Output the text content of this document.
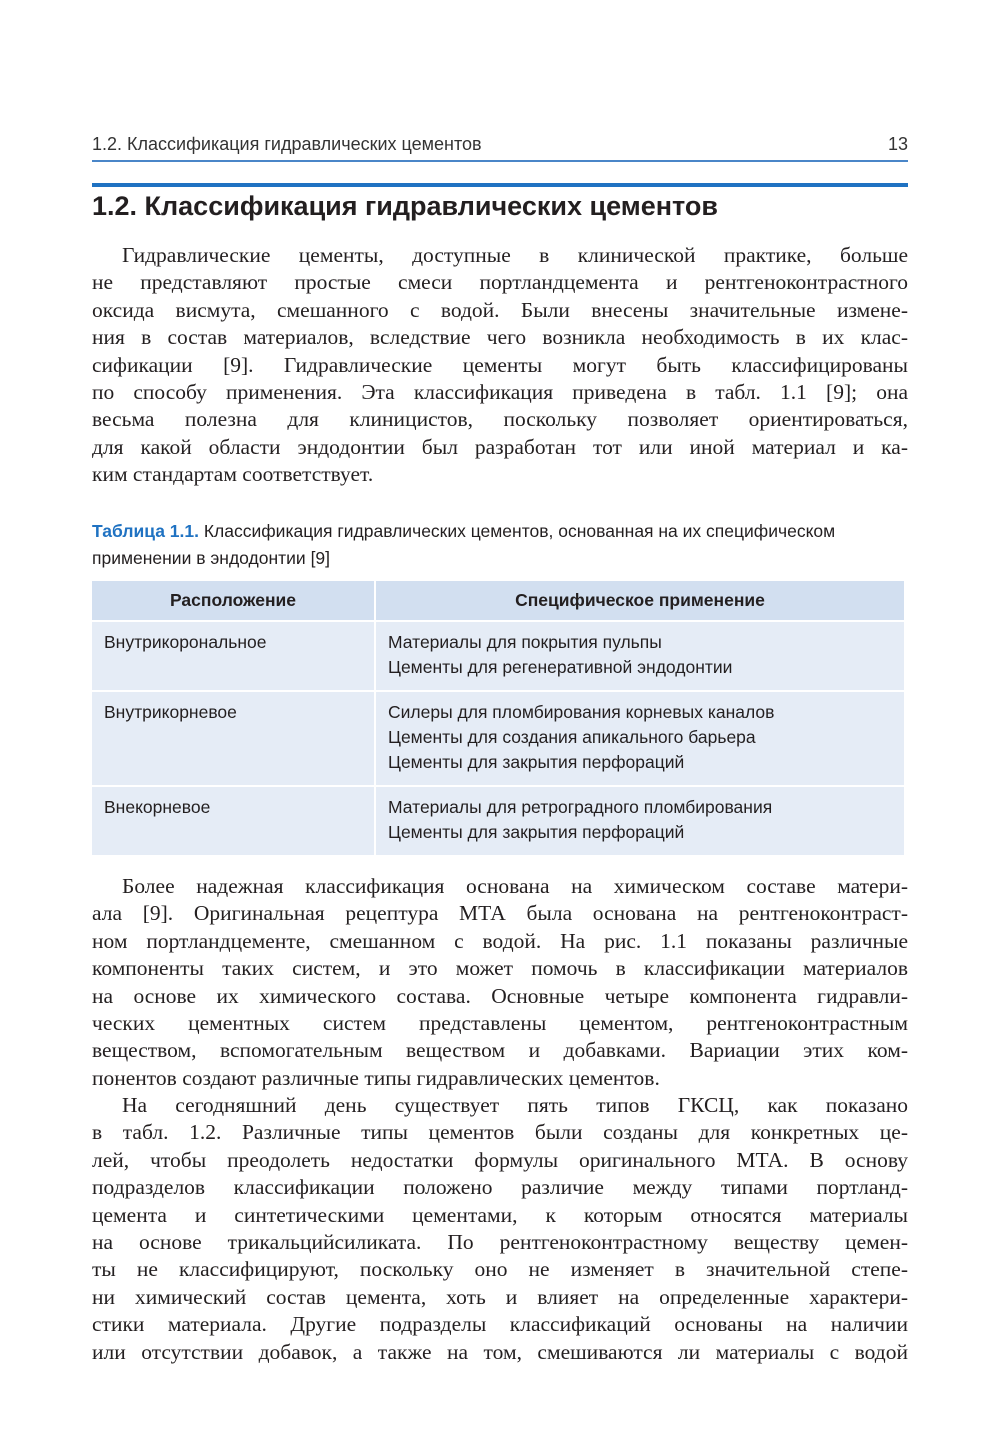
1.2. Классификация гидравлических цементов	13
1.2. Классификация гидравлических цементов
Гидравлические цементы, доступные в клинической практике, больше
не представляют простые смеси портландцемента и рентгеноконтрастного
оксида висмута, смешанного с водой. Были внесены значительные измене-
ния в состав материалов, вследствие чего возникла необходимость в их клас-
сификации [9]. Гидравлические цементы могут быть классифицированы
по способу применения. Эта классификация приведена в табл. 1.1 [9]; она
весьма полезна для клиницистов, поскольку позволяет ориентироваться,
для какой области эндодонтии был разработан тот или иной материал и ка-
ким стандартам соответствует.
Таблица 1.1. Классификация гидравлических цементов, основанная на их специфическом применении в эндодонтии [9]
Расположение	Специфическое применение
Внутрикорональное	Материалы для покрытия пульпы
Цементы для регенеративной эндодонтии

Внутрикорневое	Силеры для пломбирования корневых каналов
Цементы для создания апикального барьера
Цементы для закрытия перфораций

Внекорневое	Материалы для ретроградного пломбирования
Цементы для закрытия перфораций
Более надежная классификация основана на химическом составе матери-
ала [9]. Оригинальная рецептура МТА была основана на рентгеноконтраст-
ном портландцементе, смешанном с водой. На рис. 1.1 показаны различные
компоненты таких систем, и это может помочь в классификации материалов
на основе их химического состава. Основные четыре компонента гидравли-
ческих цементных систем представлены цементом, рентгеноконтрастным
веществом, вспомогательным веществом и добавками. Вариации этих ком-
понентов создают различные типы гидравлических цементов.
На сегодняшний день существует пять типов ГКСЦ, как показано
в табл. 1.2. Различные типы цементов были созданы для конкретных це-
лей, чтобы преодолеть недостатки формулы оригинального МТА. В основу
подразделов классификации положено различие между типами портланд-
цемента и синтетическими цементами, к которым относятся материалы
на основе трикальцийсиликата. По рентгеноконтрастному веществу цемен-
ты не классифицируют, поскольку оно не изменяет в значительной степе-
ни химический состав цемента, хоть и влияет на определенные характери-
стики материала. Другие подразделы классификаций основаны на наличии
или отсутствии добавок, а также на том, смешиваются ли материалы с водой
